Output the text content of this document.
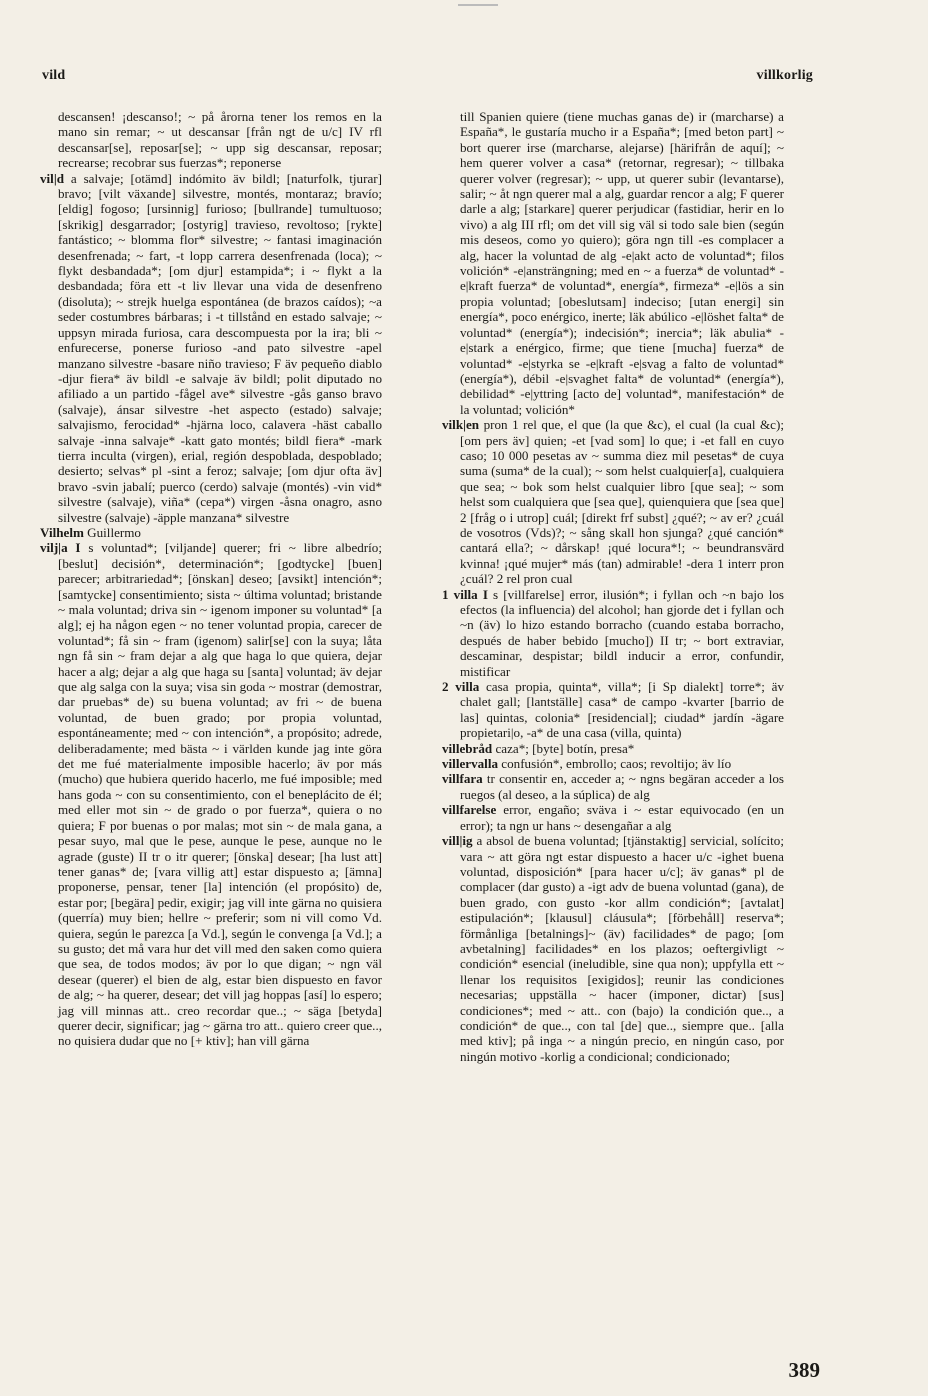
vild	villkorlig

descansen! ¡descanso!; ~ på årorna tener los remos en la mano sin remar; ~ ut descansar [från ngt de u/c] IV rfl descansar[se], reposar[se]; ~ upp sig descansar, reposar; recrearse; recobrar sus fuerzas*; reponerse

vil|d a salvaje; [otämd] indómito äv bildl; [naturfolk, tjurar] bravo; [vilt växande] silvestre, montés, montaraz; bravío; [eldig] fogoso; [ursinnig] furioso; [bullrande] tumultuoso; [skrikig] desgarrador; [ostyrig] travieso, revoltoso; [rykte] fantástico; ~ blomma flor* silvestre; ~ fantasi imaginación desenfrenada; ~ fart, -t lopp carrera desenfrenada (loca); ~ flykt desbandada*; [om djur] estampida*; i ~ flykt a la desbandada; föra ett -t liv llevar una vida de desenfreno (disoluta); ~ strejk huelga espontánea (de brazos caídos); ~a seder costumbres bárbaras; i -t tillstånd en estado salvaje; ~ uppsyn mirada furiosa, cara descompuesta por la ira; bli ~ enfurecerse, ponerse furioso -and pato silvestre -apel manzano silvestre -basare niño travieso; F äv pequeño diablo -djur fiera* äv bildl -e salvaje äv bildl; polit diputado no afiliado a un partido -fågel ave* silvestre -gås ganso bravo (salvaje), ánsar silvestre -het aspecto (estado) salvaje; salvajismo, ferocidad* -hjärna loco, calavera -häst caballo salvaje -inna salvaje* -katt gato montés; bildl fiera* -mark tierra inculta (virgen), erial, región despoblada, despoblado; desierto; selvas* pl -sint a feroz; salvaje; [om djur ofta äv] bravo -svin jabalí; puerco (cerdo) salvaje (montés) -vin vid* silvestre (salvaje), viña* (cepa*) virgen -åsna onagro, asno silvestre (salvaje) -äpple manzana* silvestre

Vilhelm Guillermo

vilj|a I s voluntad*; [viljande] querer; fri ~ libre albedrío; [beslut] decisión*, determinación*; [godtycke] [buen] parecer; arbitrariedad*; [önskan] deseo; [avsikt] intención*; [samtycke] consentimiento; sista ~ última voluntad; bristande ~ mala voluntad; driva sin ~ igenom imponer su voluntad* [a alg]; ej ha någon egen ~ no tener voluntad propia, carecer de voluntad*; få sin ~ fram (igenom) salir[se] con la suya; låta ngn få sin ~ fram dejar a alg que haga lo que quiera, dejar hacer a alg; dejar a alg que haga su [santa] voluntad; äv dejar que alg salga con la suya; visa sin goda ~ mostrar (demostrar, dar pruebas* de) su buena voluntad; av fri ~ de buena voluntad, de buen grado; por propia voluntad, espontáneamente; med ~ con intención*, a propósito; adrede, deliberadamente; med bästa ~ i världen kunde jag inte göra det me fué materialmente imposible hacerlo; äv por más (mucho) que hubiera querido hacerlo, me fué imposible; med hans goda ~ con su consentimiento, con el beneplácito de él; med eller mot sin ~ de grado o por fuerza*, quiera o no quiera; F por buenas o por malas; mot sin ~ de mala gana, a pesar suyo, mal que le pese, aunque le pese, aunque no le agrade (guste) II tr o itr querer; [önska] desear; [ha lust att] tener ganas* de; [vara villig att] estar dispuesto a; [ämna] proponerse, pensar, tener [la] intención (el propósito) de, estar por; [begära] pedir, exigir; jag vill inte gärna no quisiera (querría) muy bien; hellre ~ preferir; som ni vill como Vd. quiera, según le parezca [a Vd.], según le convenga [a Vd.]; a su gusto; det må vara hur det vill med den saken como quiera que sea, de todos modos; äv por lo que digan; ~ ngn väl desear (querer) el bien de alg, estar bien dispuesto en favor de alg; ~ ha querer, desear; det vill jag hoppas [así] lo espero; jag vill minnas att.. creo recordar que..; ~ säga [betyda] querer decir, significar; jag ~ gärna tro att.. quiero creer que.., no quisiera dudar que no [+ ktiv]; han vill gärna

till Spanien quiere (tiene muchas ganas de) ir (marcharse) a España*, le gustaría mucho ir a España*; [med beton part] ~ bort querer irse (marcharse, alejarse) [härifrån de aquí]; ~ hem querer volver a casa* (retornar, regresar); ~ tillbaka querer volver (regresar); ~ upp, ut querer subir (levantarse), salir; ~ åt ngn querer mal a alg, guardar rencor a alg; F querer darle a alg; [starkare] querer perjudicar (fastidiar, herir en lo vivo) a alg III rfl; om det vill sig väl si todo sale bien (según mis deseos, como yo quiero); göra ngn till -es complacer a alg, hacer la voluntad de alg -e|akt acto de voluntad*; filos volición* -e|ansträngning; med en ~ a fuerza* de voluntad* -e|kraft fuerza* de voluntad*, energía*, firmeza* -e|lös a sin propia voluntad; [obeslutsam] indeciso; [utan energi] sin energía*, poco enérgico, inerte; läk abúlico -e|löshet falta* de voluntad* (energía*); indecisión*; inercia*; läk abulia* -e|stark a enérgico, firme; que tiene [mucha] fuerza* de voluntad* -e|styrka se -e|kraft -e|svag a falto de voluntad* (energía*), débil -e|svaghet falta* de voluntad* (energía*), debilidad* -e|yttring [acto de] voluntad*, manifestación* de la voluntad; volición*

vilk|en pron 1 rel que, el que (la que &c), el cual (la cual &c); [om pers äv] quien; -et [vad som] lo que; i -et fall en cuyo caso; 10 000 pesetas av ~ summa diez mil pesetas* de cuya suma (suma* de la cual); ~ som helst cualquier[a], cualquiera que sea; ~ bok som helst cualquier libro [que sea]; ~ som helst som cualquiera que [sea que], quienquiera que [sea que] 2 [fråg o i utrop] cuál; [direkt frf subst] ¿qué?; ~ av er? ¿cuál de vosotros (Vds)?; ~ sång skall hon sjunga? ¿qué canción* cantará ella?; ~ dårskap! ¡qué locura*!; ~ beundransvärd kvinna! ¡qué mujer* más (tan) admirable! -dera 1 interr pron ¿cuál? 2 rel pron cual

1 villa I s [villfarelse] error, ilusión*; i fyllan och ~n bajo los efectos (la influencia) del alcohol; han gjorde det i fyllan och ~n (äv) lo hizo estando borracho (cuando estaba borracho, después de haber bebido [mucho]) II tr; ~ bort extraviar, descaminar, despistar; bildl inducir a error, confundir, mistificar

2 villa casa propia, quinta*, villa*; [i Sp dialekt] torre*; äv chalet gall; [lantställe] casa* de campo -kvarter [barrio de las] quintas, colonia* [residencial]; ciudad* jardín -ägare propietari|o, -a* de una casa (villa, quinta)

villebråd caza*; [byte] botín, presa*

villervalla confusión*, embrollo; caos; revoltijo; äv lío

villfara tr consentir en, acceder a; ~ ngns begäran acceder a los ruegos (al deseo, a la súplica) de alg

villfarelse error, engaño; sväva i ~ estar equivocado (en un error); ta ngn ur hans ~ desengañar a alg

vill|ig a absol de buena voluntad; [tjänstaktig] servicial, solícito; vara ~ att göra ngt estar dispuesto a hacer u/c -ighet buena voluntad, disposición* [para hacer u/c]; äv ganas* pl de complacer (dar gusto) a -igt adv de buena voluntad (gana), de buen grado, con gusto -kor allm condición*; [avtalat] estipulación*; [klausul] cláusula*; [förbehåll] reserva*; förmånliga [betalnings]~ (äv) facilidades* de pago; [om avbetalning] facilidades* en los plazos; oeftergivligt ~ condición* esencial (ineludible, sine qua non); uppfylla ett ~ llenar los requisitos [exigidos]; reunir las condiciones necesarias; uppställa ~ hacer (imponer, dictar) [sus] condiciones*; med ~ att.. con (bajo) la condición que.., a condición* de que.., con tal [de] que.., siempre que.. [alla med ktiv]; på inga ~ a ningún precio, en ningún caso, por ningún motivo -korlig a condicional; condicionado;

389
